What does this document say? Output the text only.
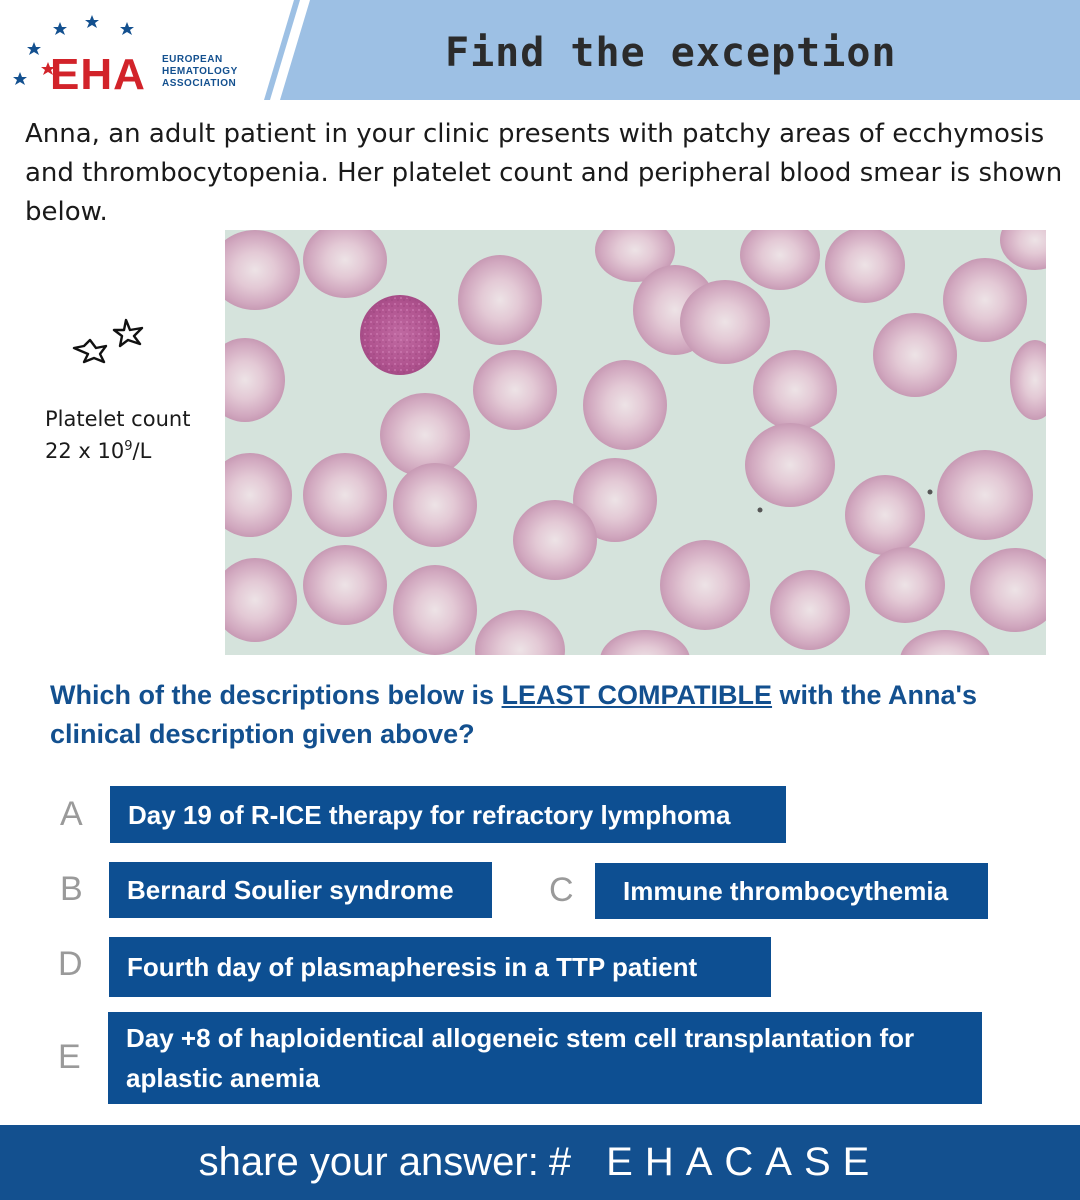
EHA EUROPEAN
HEMATOLOGY
ASSOCIATION
Find the exception
Anna, an adult patient in your clinic presents with patchy areas of ecchymosis and thrombocytopenia. Her platelet count and peripheral blood smear is shown below.
Platelet count
22 x $10^9/L$
Which of the descriptions below is LEAST COMPATIBLE with the Anna's clinical description given above?
A Day 19 of R-ICE therapy for refractory lymphoma
B Bernard Soulier syndrome	C Immune thrombocythemia
D Fourth day of plasmapheresis in a TTP patient
E Day +8 of haploidentical allogeneic stem cell transplantation for aplastic anemia
share your answer: # EHACASE
